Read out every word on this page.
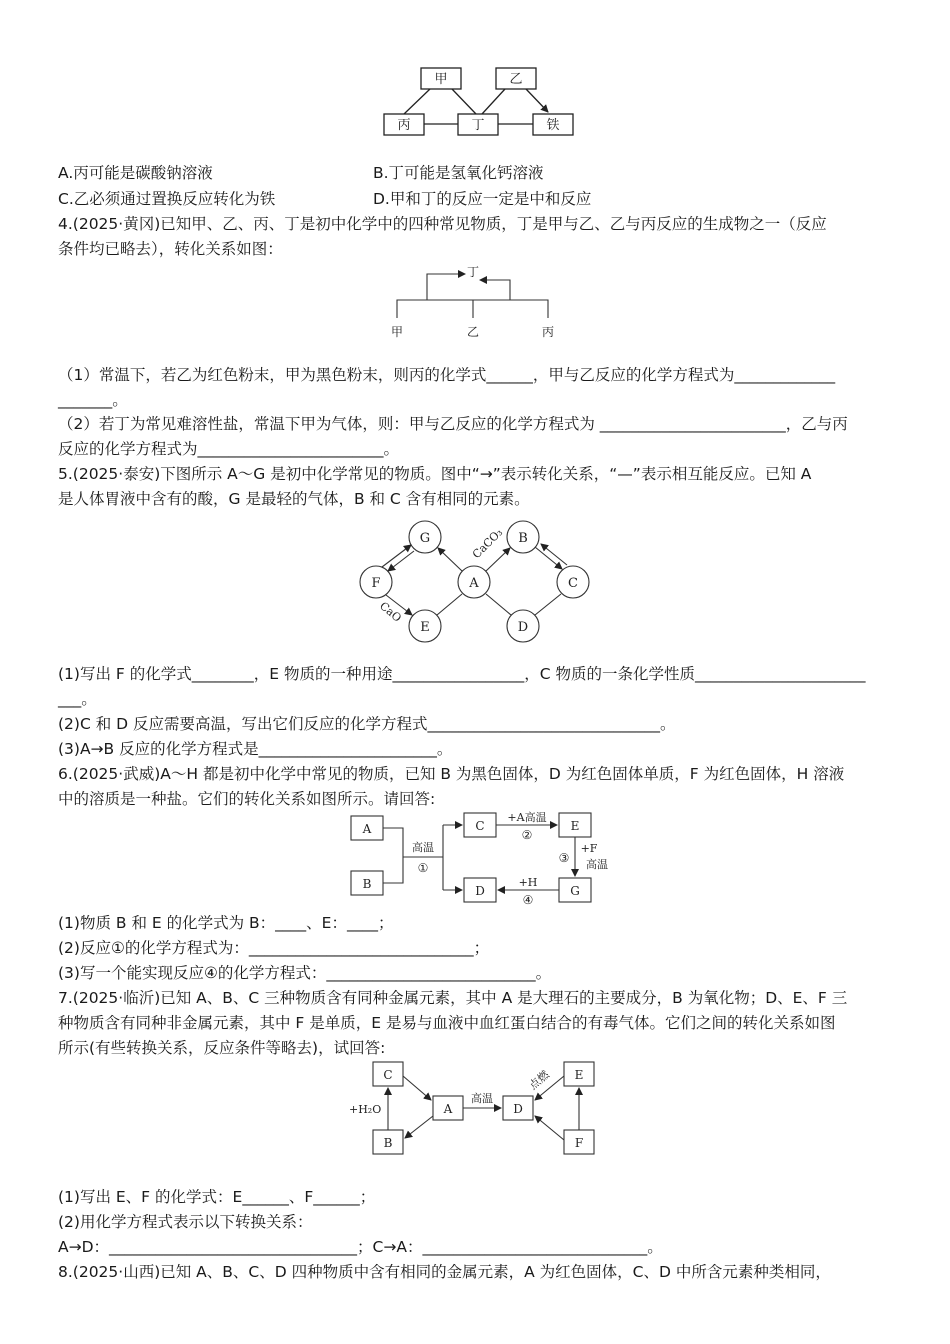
甲	乙
丙	丁	铁
A.丙可能是碳酸钠溶液	B.丁可能是氢氧化钙溶液
C.乙必须通过置换反应转化为铁	D.甲和丁的反应一定是中和反应
4.(2025·黄冈)已知甲、乙、丙、丁是初中化学中的四种常见物质，丁是甲与乙、乙与丙反应的生成物之一（反应
条件均已略去），转化关系如图：
丁
甲	乙	丙
（1）常温下，若乙为红色粉末，甲为黑色粉末，则丙的化学式______，甲与乙反应的化学方程式为_____________
_______。
（2）若丁为常见难溶性盐，常温下甲为气体，则：甲与乙反应的化学方程式为 ________________________，乙与丙
反应的化学方程式为________________________。
5.(2025·泰安)下图所示 A～G 是初中化学常见的物质。图中“→”表示转化关系，“—”表示相互能反应。已知 A
是人体胃液中含有的酸，G 是最轻的气体，B 和 C 含有相同的元素。
G	B
F	A	C
E	D
CaCO₃
CaO
(1)写出 F 的化学式________，E 物质的一种用途_________________，C 物质的一条化学性质______________________
___。
(2)C 和 D 反应需要高温，写出它们反应的化学方程式______________________________。
(3)A→B 反应的化学方程式是_______________________。
6.(2025·武威)A～H 都是初中化学中常见的物质，已知 B 为黑色固体，D 为红色固体单质，F 为红色固体，H 溶液
中的溶质是一种盐。它们的转化关系如图所示。请回答:
A
B
C	E
D	G
高温
①
+A高温
②
③
+F
高温
+H
④
(1)物质 B 和 E 的化学式为 B：____、E：____；
(2)反应①的化学方程式为：_____________________________；
(3)写一个能实现反应④的化学方程式：___________________________。
7.(2025·临沂)已知 A、B、C 三种物质含有同种金属元素，其中 A 是大理石的主要成分，B 为氧化物；D、E、F 三
种物质含有同种非金属元素，其中 F 是单质，E 是易与血液中血红蛋白结合的有毒气体。它们之间的转化关系如图
所示(有些转换关系，反应条件等略去)，试回答:
C
A
B
D
E
F
+H₂O
高温
点燃
(1)写出 E、F 的化学式：E______、F______；
(2)用化学方程式表示以下转换关系：
A→D：________________________________；C→A：_____________________________。
8.(2025·山西)已知 A、B、C、D 四种物质中含有相同的金属元素，A 为红色固体，C、D 中所含元素种类相同，
